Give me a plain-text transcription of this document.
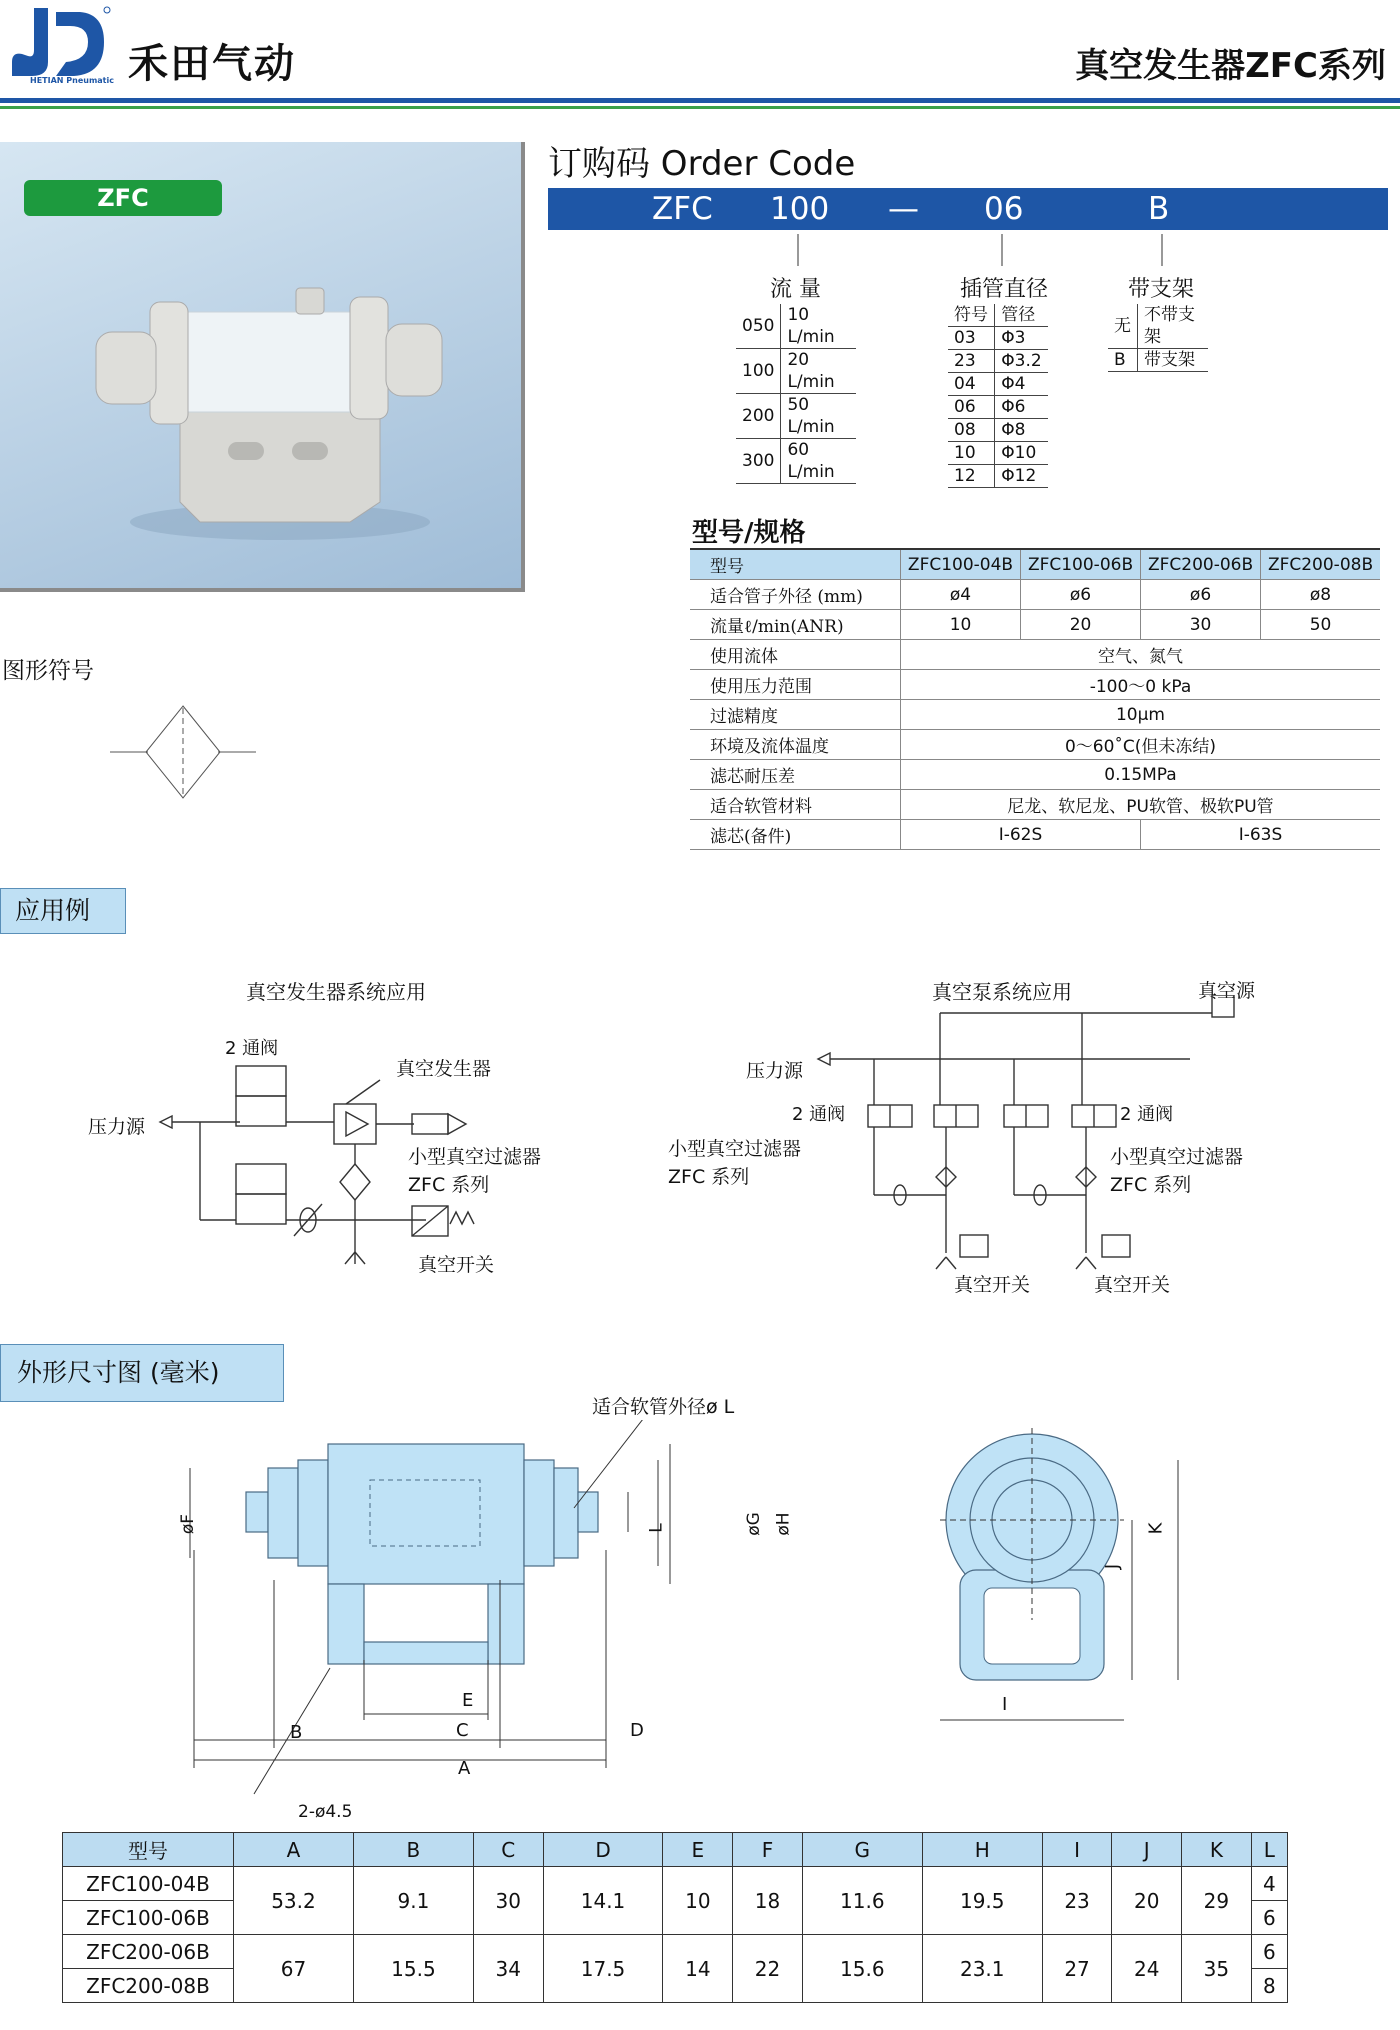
HETIAN Pneumatic 禾田气动	真空发生器ZFC系列
ZFC
订购码 Order Code
ZFC 100 — 06	B
流 量
050	10 L/min
100	20 L/min
200	50 L/min
300	60 L/min
插管直径
符号	管径
03	Φ3
23	Φ3.2
04	Φ4
06	Φ6
08	Φ8
10	Φ10
12	Φ12
带支架
无	不带支架
B	带支架
型号/规格
型号	ZFC100-04B	ZFC100-06B	ZFC200-06B	ZFC200-08B
适合管子外径 (mm)	ø4	ø6	ø6	ø8
流量ℓ/min(ANR)	10	20	30	50
使用流体	空气、氮气			
使用压力范围	-100～0 kPa			
过滤精度	10μm			
环境及流体温度	0～60˚C(但未冻结)			
滤芯耐压差	0.15MPa			
适合软管材料	尼龙、软尼龙、PU软管、极软PU管			
滤芯(备件)	I-62S		I-63S	
图形符号
应用例
真空发生器系统应用
2 通阀
真空发生器
压力源
小型真空过滤器
ZFC 系列
真空开关
真空泵系统应用	真空源
压力源
2 通阀	2 通阀
小型真空过滤器
ZFC 系列
小型真空过滤器
ZFC 系列
真空开关	真空开关
外形尺寸图 (毫米)
适合软管外径ø L
øF	L	øG øH
B	C
E
D
A
2-ø4.5
I
J
K
型号	A	B	C	D	E	F	G	H	I	J	K	L
ZFC100-04B	53.2	9.1	30	14.1	10	18	11.6	19.5	23	20	29	4
ZFC100-06B												6
ZFC200-06B	67	15.5	34	17.5	14	22	15.6	23.1	27	24	35	6
ZFC200-08B												8
